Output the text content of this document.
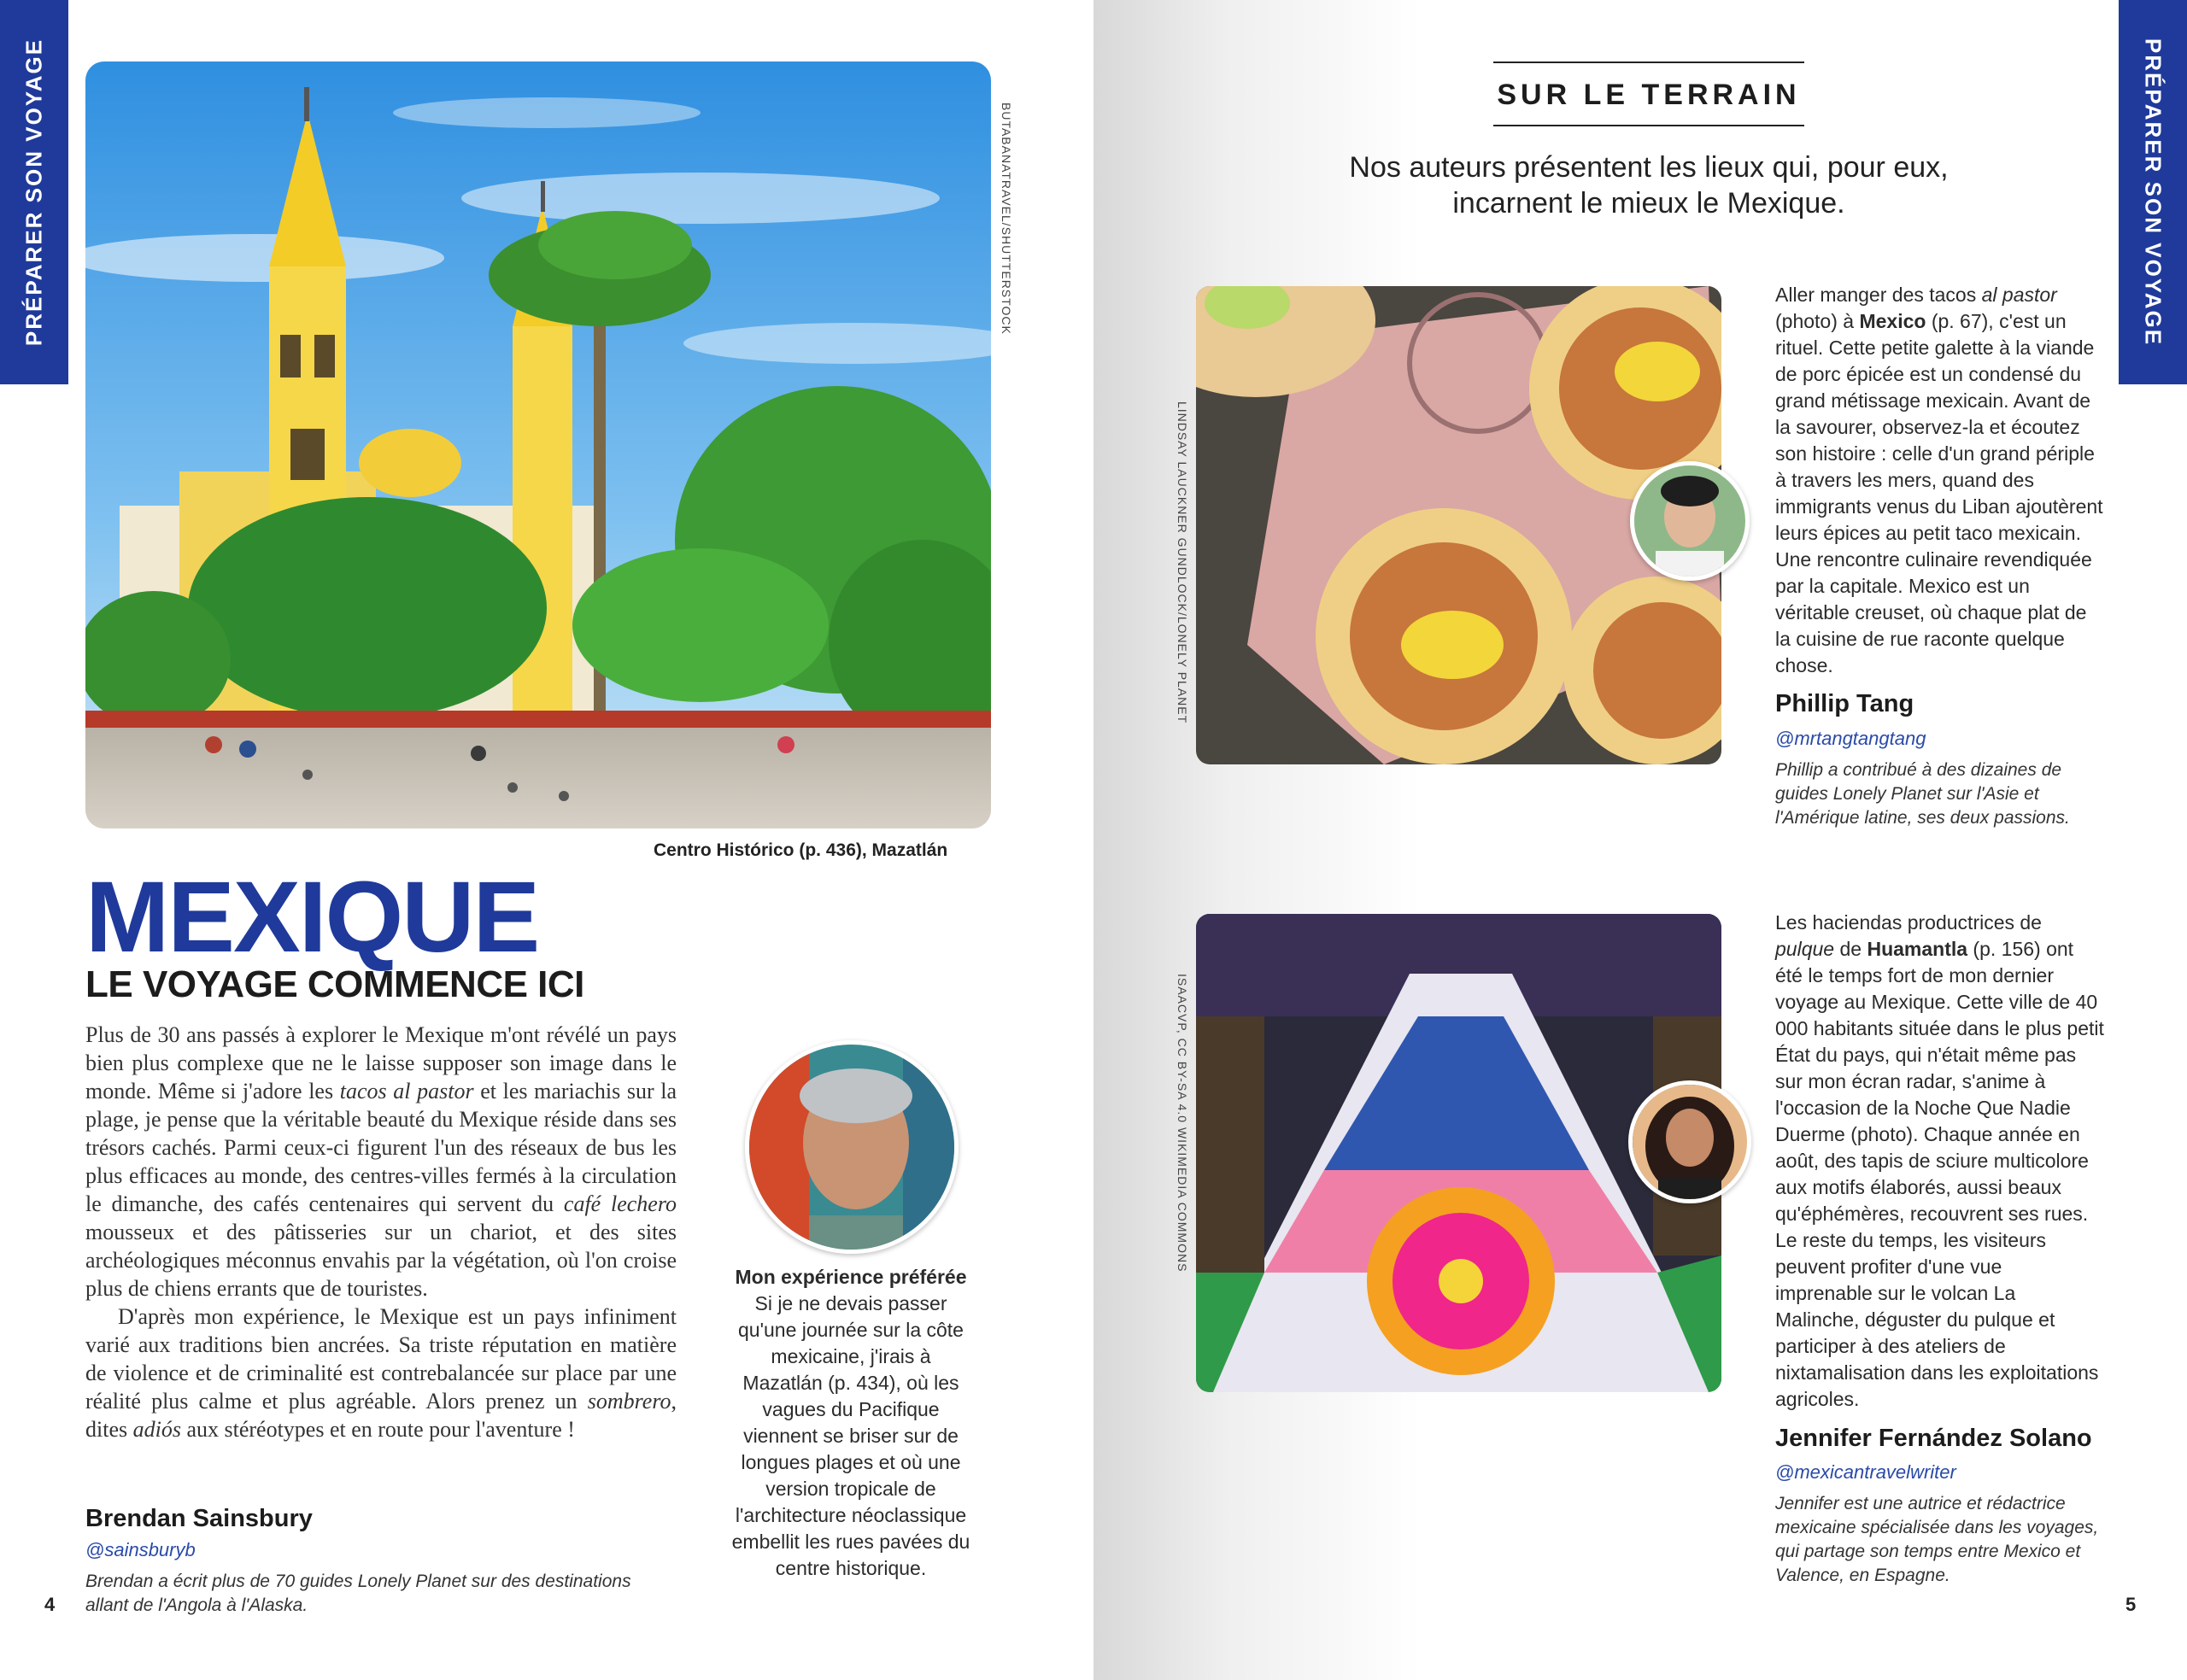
PRÉPARER SON VOYAGE	PRÉPARER SON VOYAGE
BUTABANATRAVEL/SHUTTERSTOCK
Centro Histórico (p. 436), Mazatlán
MEXIQUE
LE VOYAGE COMMENCE ICI

Plus de 30 ans passés à explorer le Mexique m'ont révélé un pays bien plus complexe que ne le laisse supposer son image dans le monde. Même si j'adore les tacos al pastor et les mariachis sur la plage, je pense que la véritable beauté du Mexique réside dans ses trésors cachés. Parmi ceux-ci figurent l'un des réseaux de bus les plus efficaces au monde, des centres-villes fermés à la circulation le dimanche, des cafés centenaires qui servent du café lechero mousseux et des pâtisseries sur un chariot, et des sites archéologiques méconnus envahis par la végétation, où l'on croise plus de chiens errants que de touristes.

D'après mon expérience, le Mexique est un pays infiniment varié aux traditions bien ancrées. Sa triste réputation en matière de violence et de criminalité est contrebalancée sur place par une réalité plus calme et plus agréable. Alors prenez un sombrero, dites adiós aux stéréotypes et en route pour l'aventure !

Brendan Sainsbury
@sainsburyb
Brendan a écrit plus de 70 guides Lonely Planet sur des destinations
allant de l'Angola à l'Alaska.
Mon expérience préférée Si je ne devais passer qu'une journée sur la côte mexicaine, j'irais à Mazatlán (p. 434), où les vagues du Pacifique viennent se briser sur de longues plages et où une version tropicale de l'architecture néoclassique embellit les rues pavées du centre historique.
4
SUR LE TERRAIN
Nos auteurs présentent les lieux qui, pour eux,
incarnent le mieux le Mexique.
LINDSAY LAUCKNER GUNDLOCK/LONELY PLANET
Aller manger des tacos al pastor (photo) à Mexico (p. 67), c'est un rituel. Cette petite galette à la viande de porc épicée est un condensé du grand métissage mexicain. Avant de la savourer, observez-la et écoutez son histoire : celle d'un grand périple à travers les mers, quand des immigrants venus du Liban ajoutèrent leurs épices au petit taco mexicain. Une rencontre culinaire revendiquée par la capitale. Mexico est un véritable creuset, où chaque plat de la cuisine de rue raconte quelque chose.
Phillip Tang
@mrtangtangtang
Phillip a contribué à des dizaines de guides Lonely Planet sur l'Asie et l'Amérique latine, ses deux passions.
ISAACVP, CC BY-SA 4.0 WIKIMEDIA COMMONS
Les haciendas productrices de pulque de Huamantla (p. 156) ont été le temps fort de mon dernier voyage au Mexique. Cette ville de 40 000 habitants située dans le plus petit État du pays, qui n'était même pas sur mon écran radar, s'anime à l'occasion de la Noche Que Nadie Duerme (photo). Chaque année en août, des tapis de sciure multicolore aux motifs élaborés, aussi beaux qu'éphémères, recouvrent ses rues. Le reste du temps, les visiteurs peuvent profiter d'une vue imprenable sur le volcan La Malinche, déguster du pulque et participer à des ateliers de nixtamalisation dans les exploitations agricoles.
Jennifer Fernández Solano
@mexicantravelwriter
Jennifer est une autrice et rédactrice mexicaine spécialisée dans les voyages, qui partage son temps entre Mexico et Valence, en Espagne.
5
